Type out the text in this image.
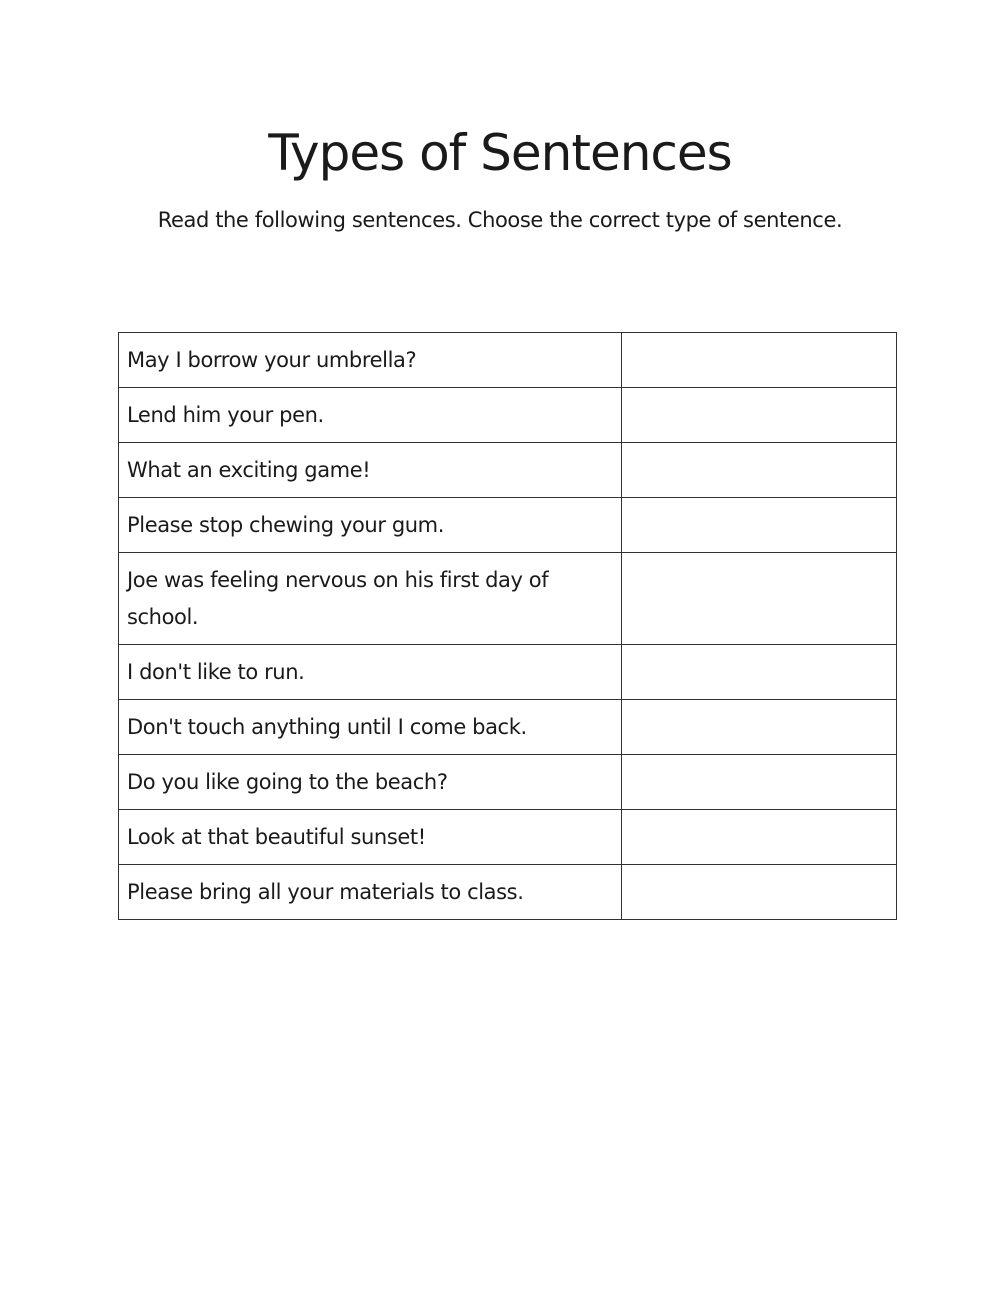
Types of Sentences
Read the following sentences. Choose the correct type of sentence.
May I borrow your umbrella?	
Lend him your pen.	
What an exciting game!	
Please stop chewing your gum.	
Joe was feeling nervous on his first day of school.	
I don't like to run.	
Don't touch anything until I come back.	
Do you like going to the beach?	
Look at that beautiful sunset!	
Please bring all your materials to class.	
